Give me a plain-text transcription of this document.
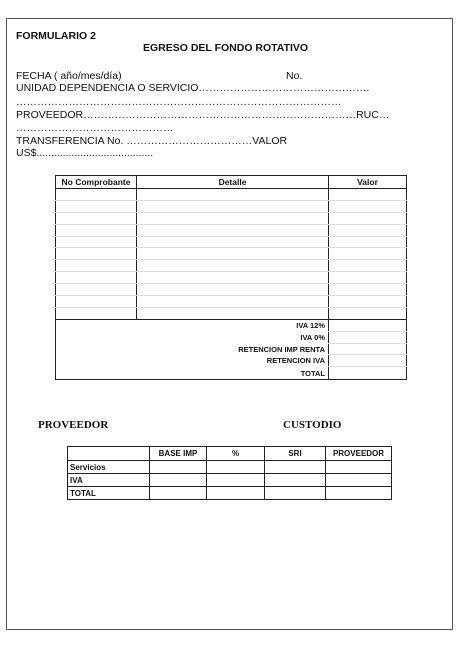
FORMULARIO 2
EGRESO DEL FONDO ROTATIVO
FECHA ( año/mes/día)	No.
UNIDAD DEPENDENCIA O SERVICIO………………………………………….
…………………………………………………………………………………
PROVEEDOR……………………………………………………………………RUC…
………………………………………
TRANSFERENCIA No. ………………………………VALOR
US$........................................
No Comprobante	Detalle	Valor

	IVA 12%	
	IVA 0%	
	RETENCION IMP RENTA	
	RETENCION IVA	
	TOTAL	
PROVEEDOR	CUSTODIO
	BASE IMP	%	SRI	PROVEEDOR
Servicios				
IVA				
TOTAL				
